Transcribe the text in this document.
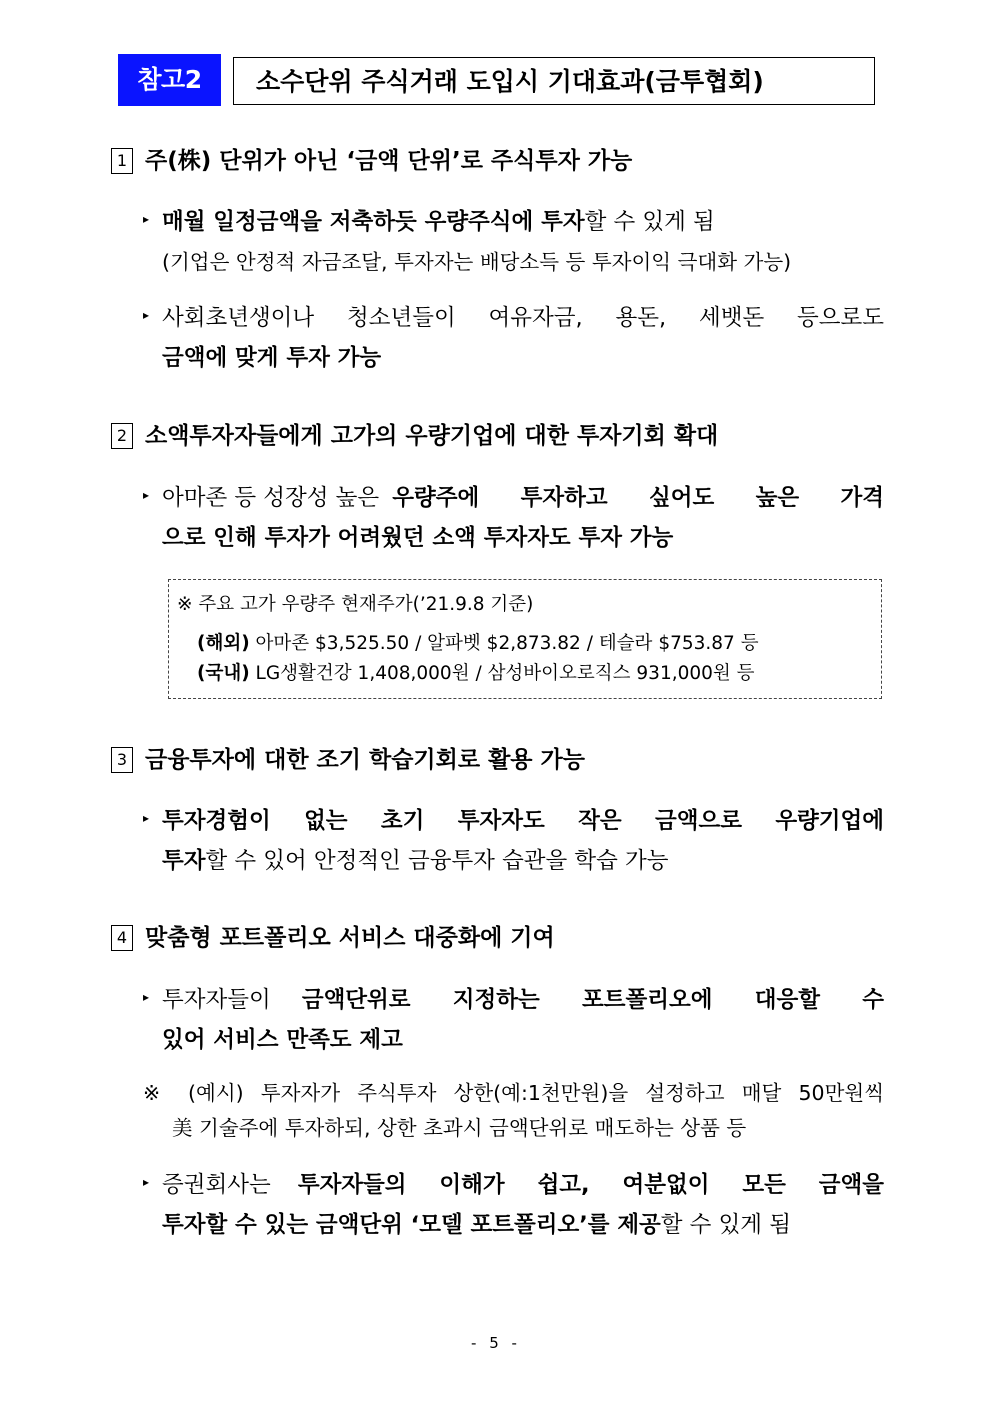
참고2	소수단위 주식거래 도입시 기대효과(금투협회)
1 주(株) 단위가 아닌 ‘금액 단위’로 주식투자 가능
▸ 매월 일정금액을 저축하듯 우량주식에 투자할 수 있게 됨
(기업은 안정적 자금조달, 투자자는 배당소득 등 투자이익 극대화 가능)
▸ 사회초년생이나 청소년들이 여유자금, 용돈, 세뱃돈 등으로도
금액에 맞게 투자 가능
2 소액투자자들에게 고가의 우량기업에 대한 투자기회 확대
▸ 아마존 등 성장성 높은 우량주에 투자하고 싶어도 높은 가격
으로 인해 투자가 어려웠던 소액 투자자도 투자 가능
※ 주요 고가 우량주 현재주가(’21.9.8 기준)
(해외) 아마존 $3,525.50 / 알파벳 $2,873.82 / 테슬라 $753.87 등
(국내) LG생활건강 1,408,000원 / 삼성바이오로직스 931,000원 등
3 금융투자에 대한 조기 학습기회로 활용 가능
▸ 투자경험이 없는 초기 투자자도 작은 금액으로 우량기업에
투자할 수 있어 안정적인 금융투자 습관을 학습 가능
4 맞춤형 포트폴리오 서비스 대중화에 기여
▸ 투자자들이 금액단위로 지정하는 포트폴리오에 대응할 수
있어 서비스 만족도 제고
※ (예시) 투자자가 주식투자 상한(예:1천만원)을 설정하고 매달 50만원씩
美 기술주에 투자하되, 상한 초과시 금액단위로 매도하는 상품 등
▸ 증권회사는 투자자들의 이해가 쉽고, 여분없이 모든 금액을
투자할 수 있는 금액단위 ‘모델 포트폴리오’를 제공할 수 있게 됨
- 5 -
